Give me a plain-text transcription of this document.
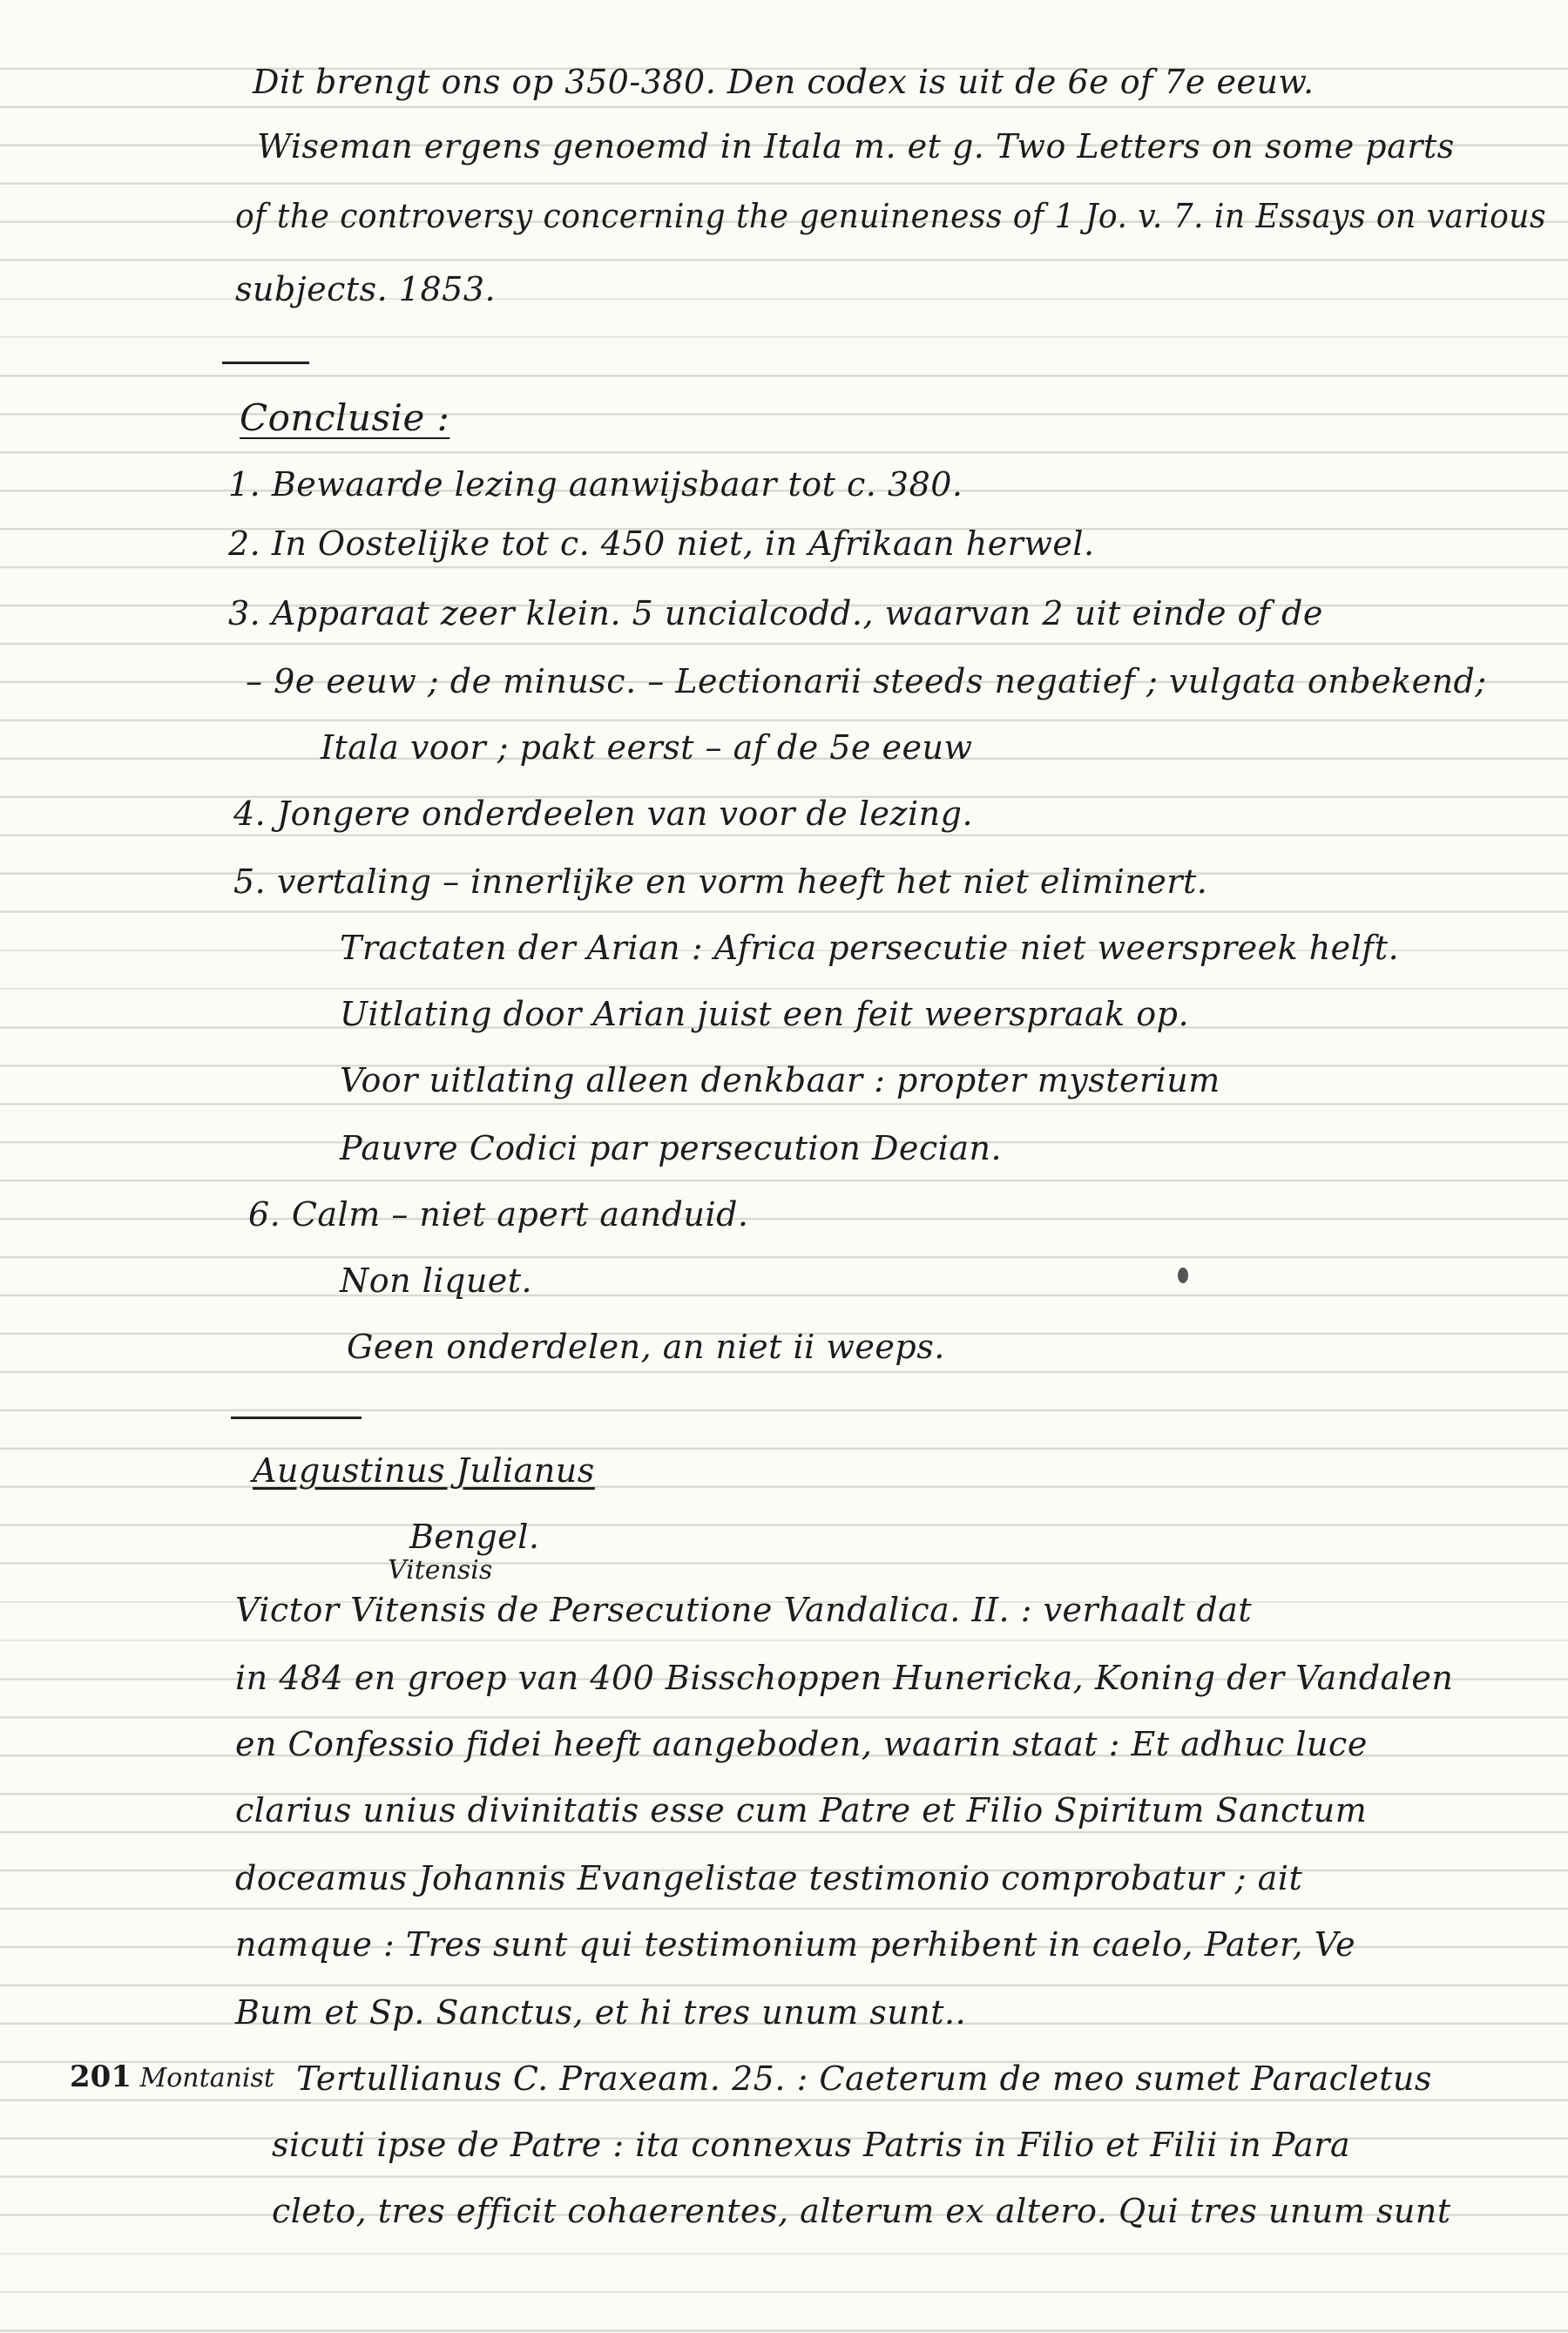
Dit brengt ons op 350-380. Den codex is uit de 6e of 7e eeuw.
Wiseman ergens genoemd in Itala m. et g. Two Letters on some parts
of the controversy concerning the genuineness of 1 Jo. v. 7. in Essays on various
subjects. 1853.
Conclusie :
1. Bewaarde lezing aanwijsbaar tot c. 380.
2. In Oostelijke tot c. 450 niet, in Afrikaan herwel.
3. Apparaat zeer klein. 5 uncialcodd., waarvan 2 uit einde of de
– 9e eeuw ; de minusc. – Lectionarii steeds negatief ; vulgata onbekend;
Itala voor ; pakt eerst – af de 5e eeuw
4. Jongere onderdeelen van voor de lezing.
5. vertaling – innerlijke en vorm heeft het niet eliminert.
Tractaten der Arian : Africa persecutie niet weerspreek helft.
Uitlating door Arian juist een feit weerspraak op.
Voor uitlating alleen denkbaar : propter mysterium
Pauvre Codici par persecution Decian.
6. Calm – niet apert aanduid.
Non liquet.
Geen onderdelen, an niet ii weeps.
Augustinus Julianus
Bengel.
Vitensis
Victor Vitensis de Persecutione Vandalica. II. : verhaalt dat
in 484 en groep van 400 Bisschoppen Hunericka, Koning der Vandalen
en Confessio fidei heeft aangeboden, waarin staat : Et adhuc luce
clarius unius divinitatis esse cum Patre et Filio Spiritum Sanctum
doceamus Johannis Evangelistae testimonio comprobatur ; ait
namque : Tres sunt qui testimonium perhibent in caelo, Pater, Ve
Bum et Sp. Sanctus, et hi tres unum sunt..
201 Montanist Tertullianus C. Praxeam. 25. : Caeterum de meo sumet Paracletus
sicuti ipse de Patre : ita connexus Patris in Filio et Filii in Para
cleto, tres efficit cohaerentes, alterum ex altero. Qui tres unum sunt
